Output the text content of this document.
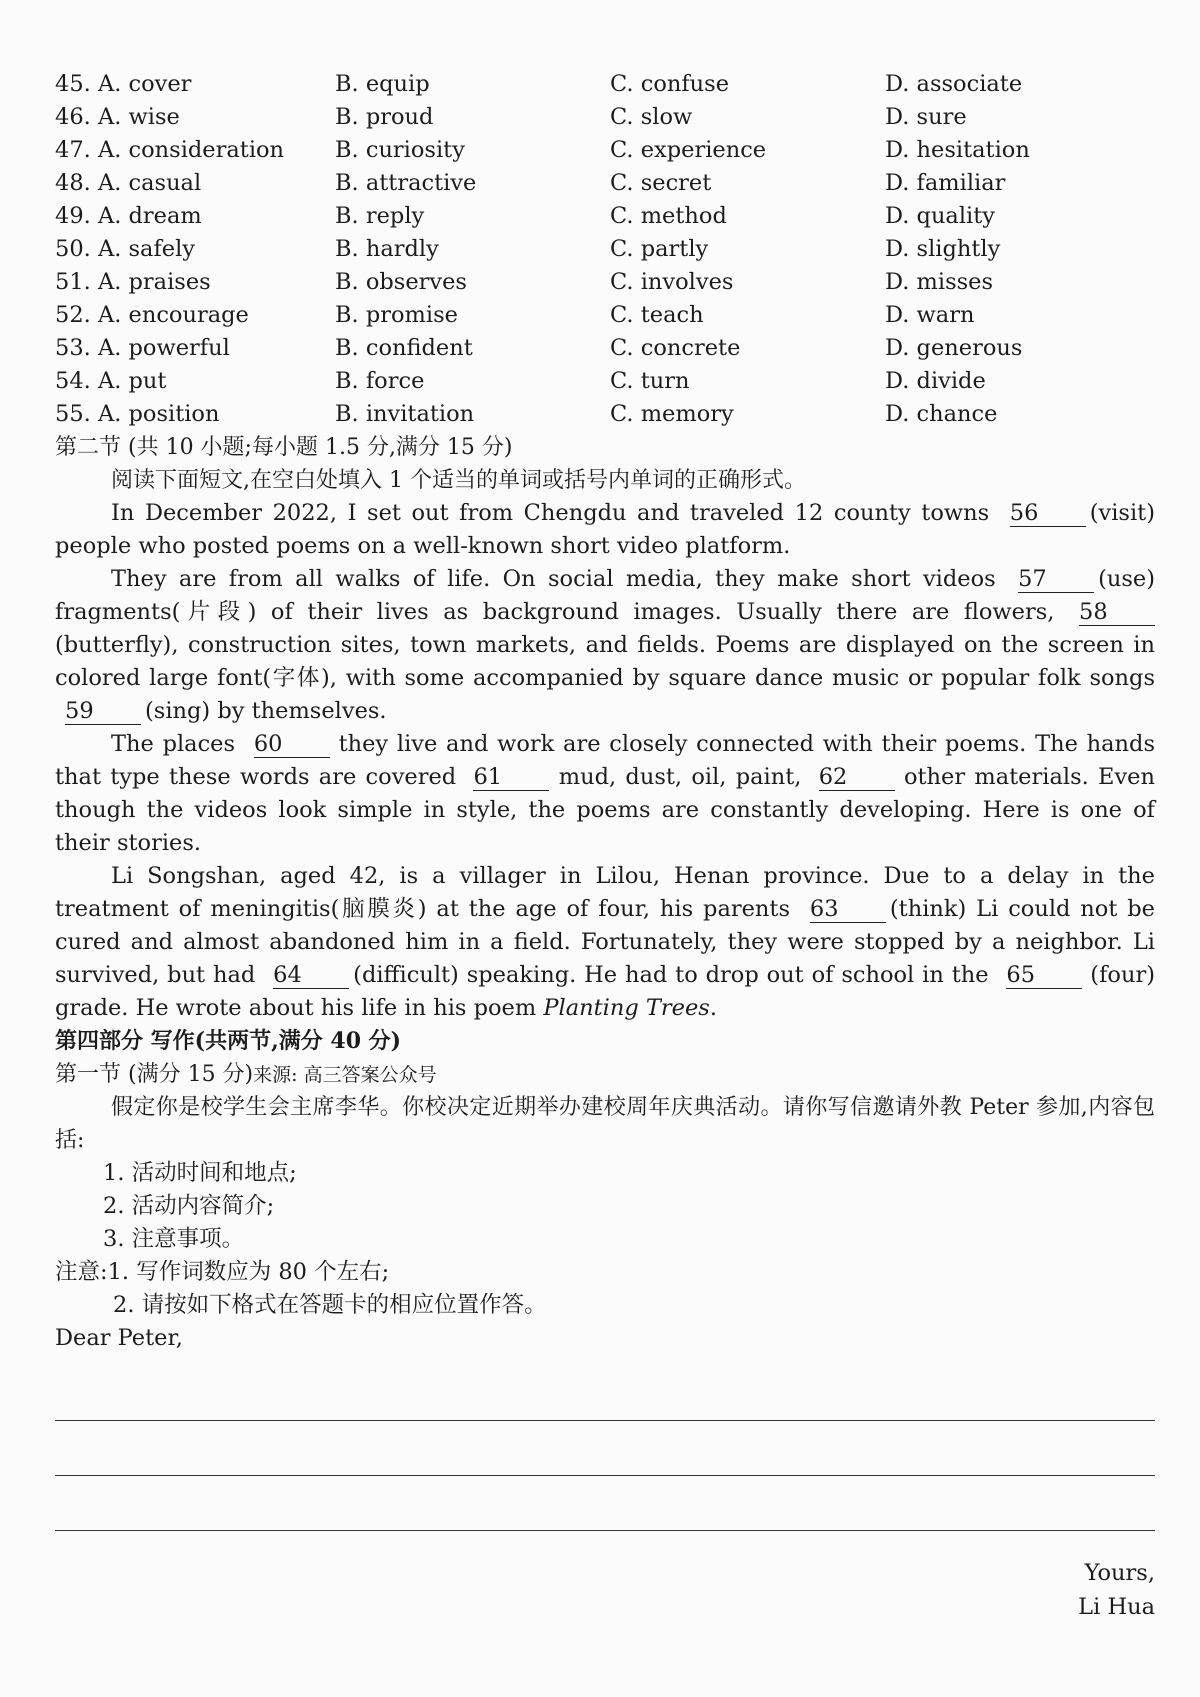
45. A. cover	B. equip	C. confuse	D. associate
46. A. wise	B. proud	C. slow	D. sure
47. A. consideration	B. curiosity	C. experience	D. hesitation
48. A. casual	B. attractive	C. secret	D. familiar
49. A. dream	B. reply	C. method	D. quality
50. A. safely	B. hardly	C. partly	D. slightly
51. A. praises	B. observes	C. involves	D. misses
52. A. encourage	B. promise	C. teach	D. warn
53. A. powerful	B. confident	C. concrete	D. generous
54. A. put	B. force	C. turn	D. divide
55. A. position	B. invitation	C. memory	D. chance
第二节 (共 10 小题;每小题 1.5 分,满分 15 分)
阅读下面短文,在空白处填入 1 个适当的单词或括号内单词的正确形式。
In December 2022, I set out from Chengdu and traveled 12 county towns 56 (visit) people who posted poems on a well-known short video platform.
They are from all walks of life. On social media, they make short videos 57 (use) fragments(片段) of their lives as background images. Usually there are flowers, 58 (butterfly), construction sites, town markets, and fields. Poems are displayed on the screen in colored large font(字体), with some accompanied by square dance music or popular folk songs 59 (sing) by themselves.
The places 60 they live and work are closely connected with their poems. The hands that type these words are covered 61 mud, dust, oil, paint, 62 other materials. Even though the videos look simple in style, the poems are constantly developing. Here is one of their stories.
Li Songshan, aged 42, is a villager in Lilou, Henan province. Due to a delay in the treatment of meningitis(脑膜炎) at the age of four, his parents 63 (think) Li could not be cured and almost abandoned him in a field. Fortunately, they were stopped by a neighbor. Li survived, but had 64 (difficult) speaking. He had to drop out of school in the 65 (four) grade. He wrote about his life in his poem Planting Trees.
第四部分 写作(共两节,满分 40 分)
第一节 (满分 15 分)来源: 高三答案公众号
假定你是校学生会主席李华。你校决定近期举办建校周年庆典活动。请你写信邀请外教 Peter 参加,内容包括:
1. 活动时间和地点;
2. 活动内容简介;
3. 注意事项。
注意:1. 写作词数应为 80 个左右;
2. 请按如下格式在答题卡的相应位置作答。
Dear Peter,
Yours,
Li Hua
